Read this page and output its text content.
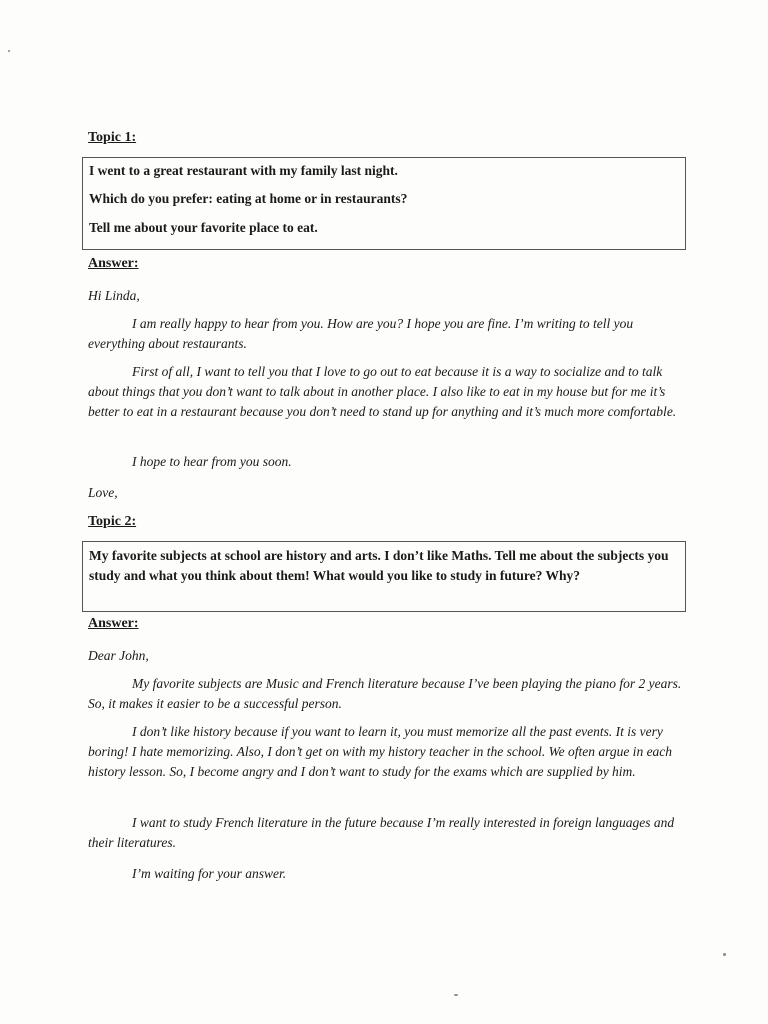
Topic 1:

I went to a great restaurant with my family last night.

Which do you prefer: eating at home or in restaurants?

Tell me about your favorite place to eat.

Answer:

Hi Linda,

I am really happy to hear from you. How are you? I hope you are fine. I’m writing to tell you everything about restaurants.

First of all, I want to tell you that I love to go out to eat because it is a way to socialize and to talk about things that you don’t want to talk about in another place. I also like to eat in my house but for me it’s better to eat in a restaurant because you don’t need to stand up for anything and it’s much more comfortable.

I hope to hear from you soon.

Love,

Topic 2:

My favorite subjects at school are history and arts. I don’t like Maths. Tell me about the subjects you study and what you think about them! What would you like to study in future? Why?

Answer:

Dear John,

My favorite subjects are Music and French literature because I’ve been playing the piano for 2 years. So, it makes it easier to be a successful person.

I don’t like history because if you want to learn it, you must memorize all the past events. It is very boring! I hate memorizing. Also, I don’t get on with my history teacher in the school. We often argue in each history lesson. So, I become angry and I don’t want to study for the exams which are supplied by him.

I want to study French literature in the future because I’m really interested in foreign languages and their literatures.

I’m waiting for your answer.
